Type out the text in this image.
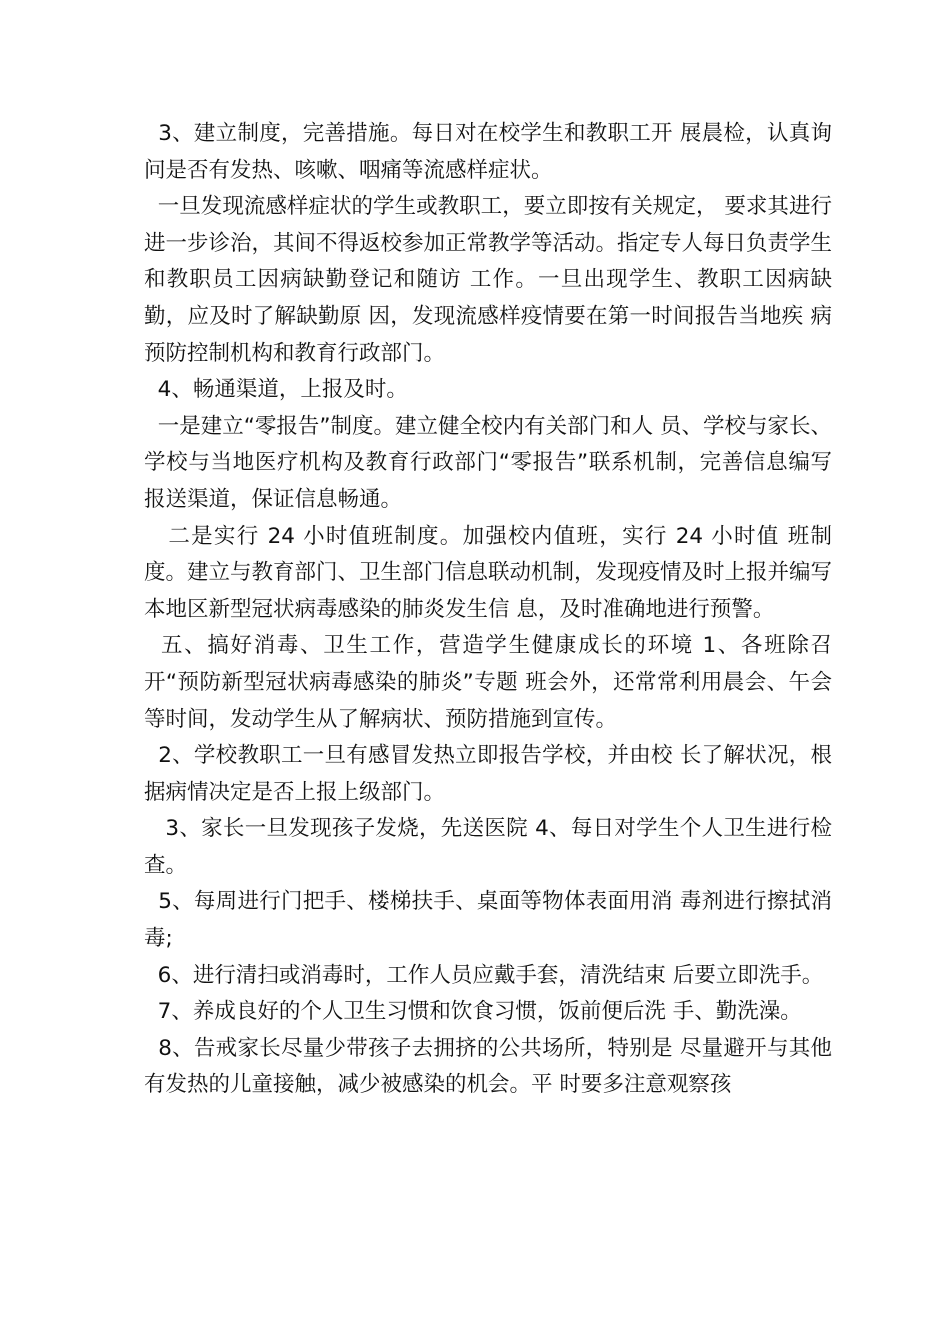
3、建立制度，完善措施。每日对在校学生和教职工开 展晨检，认真询问是否有发热、咳嗽、咽痛等流感样症状。

一旦发现流感样症状的学生或教职工，要立即按有关规定， 要求其进行进一步诊治，其间不得返校参加正常教学等活动。指定专人每日负责学生和教职员工因病缺勤登记和随访 工作。一旦出现学生、教职工因病缺勤，应及时了解缺勤原 因，发现流感样疫情要在第一时间报告当地疾 病预防控制机构和教育行政部门。

4、畅通渠道，上报及时。

一是建立“零报告”制度。建立健全校内有关部门和人 员、学校与家长、学校与当地医疗机构及教育行政部门“零报告”联系机制，完善信息编写报送渠道，保证信息畅通。

二是实行 24 小时值班制度。加强校内值班，实行 24 小时值 班制度。建立与教育部门、卫生部门信息联动机制，发现疫情及时上报并编写本地区新型冠状病毒感染的肺炎发生信 息，及时准确地进行预警。

五、搞好消毒、卫生工作，营造学生健康成长的环境 1、各班除召开“预防新型冠状病毒感染的肺炎”专题 班会外，还常常利用晨会、午会等时间，发动学生从了解病状、预防措施到宣传。

2、学校教职工一旦有感冒发热立即报告学校，并由校 长了解状况，根据病情决定是否上报上级部门。

3、家长一旦发现孩子发烧，先送医院 4、每日对学生个人卫生进行检查。

5、每周进行门把手、楼梯扶手、桌面等物体表面用消 毒剂进行擦拭消毒;

6、进行清扫或消毒时，工作人员应戴手套，清洗结束 后要立即洗手。

7、养成良好的个人卫生习惯和饮食习惯，饭前便后洗 手、勤洗澡。

8、告戒家长尽量少带孩子去拥挤的公共场所，特别是 尽量避开与其他有发热的儿童接触，减少被感染的机会。平 时要多注意观察孩
